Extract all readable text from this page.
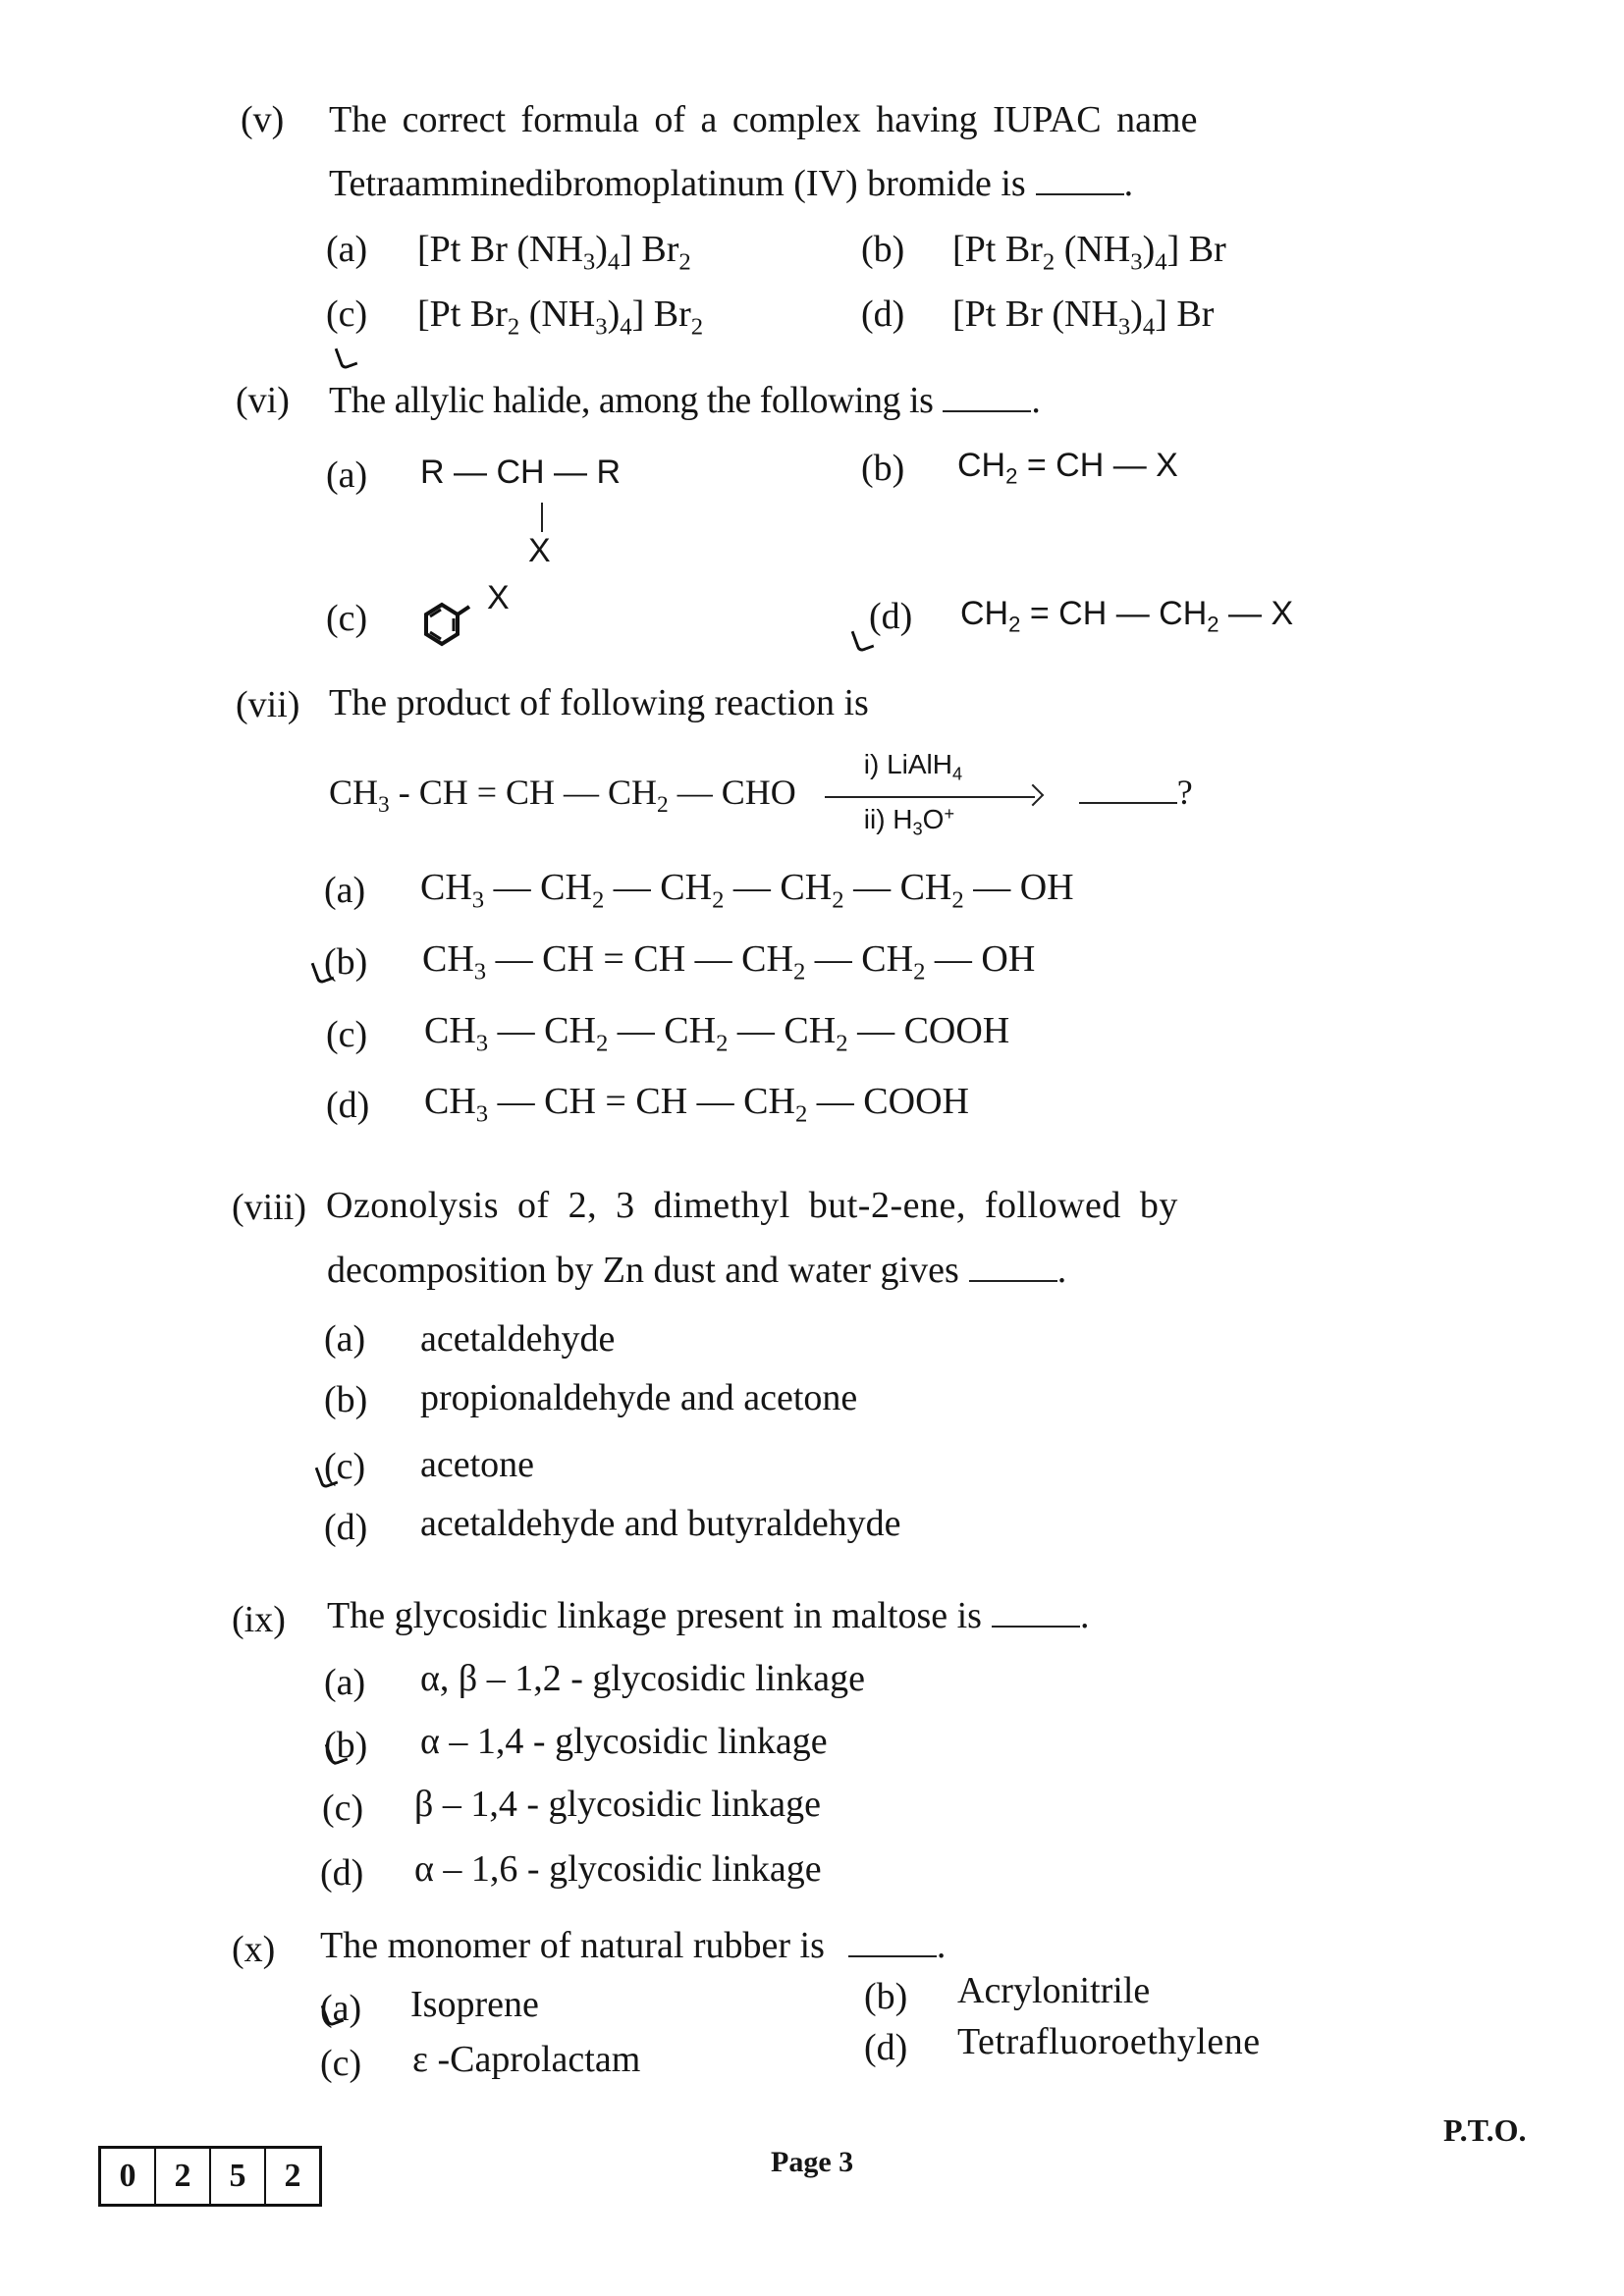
(v) The correct formula of a complex having IUPAC name
Tetraamminedibromoplatinum (IV) bromide is	.
(a) [Pt Br $(NH_3)_4$] $Br_2$	(b) [Pt $Br_2$ $(NH_3)_4$] Br
(c) [Pt $Br_2$ $(NH_3)_4$] $Br_2$	(d) [Pt Br $(NH_3)_4$] Br
(vi) The allylic halide, among the following is	.
(a) R — CH — R
X
(b) $CH_2$ = CH — X
(c)	X	(d) $CH_2$ = CH — $CH_2$ — X
(vii) The product of following reaction is
$CH_3$ - CH = CH — $CH_2$ — CHO
i) LiAlH$_4$
ii) $H_3O^+$
?
(a) $CH_3$ — $CH_2$ — $CH_2$ — $CH_2$ — $CH_2$ — OH
(b) $CH_3$ — CH = CH — $CH_2$ — $CH_2$ — OH
(c) $CH_3$ — $CH_2$ — $CH_2$ — $CH_2$ — COOH
(d) $CH_3$ — CH = CH — $CH_2$ — COOH
(viii) Ozonolysis of 2, 3 dimethyl but-2-ene, followed by
decomposition by Zn dust and water gives	.
(a) acetaldehyde
(b) propionaldehyde and acetone
(c) acetone
(d) acetaldehyde and butyraldehyde
(ix) The glycosidic linkage present in maltose is	.
(a) α, β – 1,2 - glycosidic linkage
(b) α – 1,4 - glycosidic linkage
(c) β – 1,4 - glycosidic linkage
(d) α – 1,6 - glycosidic linkage
(x) The monomer of natural rubber is	.
(a) Isoprene	(b) Acrylonitrile
(c) ε -Caprolactam	(d) Tetrafluoroethylene
0	2	5	2	Page 3
P.T.O.
